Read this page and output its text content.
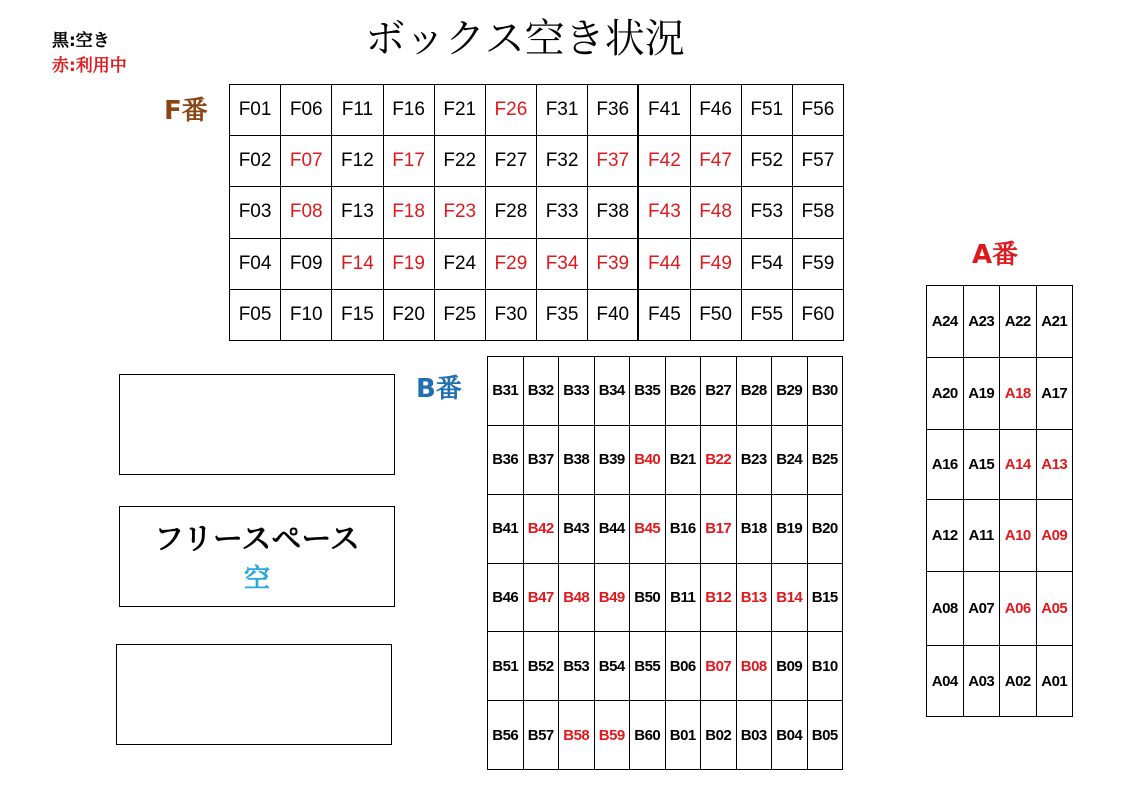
ボックス空き状況
黒:空き
赤:利用中
F番
B番
A番
F01 F06	F11	F16 F21 F26 F31 F36 F41 F46 F51 F56
F02 F07 F12 F17 F22 F27 F32 F37 F42 F47 F52 F57
F03 F08 F13 F18 F23 F28 F33 F38 F43 F48 F53 F58
F04 F09 F14 F19 F24 F29 F34 F39 F44 F49 F54 F59
F05 F10 F15 F20 F25 F30 F35 F40 F45 F50 F55 F60
B31 B32 B33 B34 B35 B26 B27 B28 B29 B30
B36 B37 B38 B39 B40 B21 B22 B23 B24 B25
B41 B42 B43 B44 B45 B16 B17 B18 B19 B20
B46 B47 B48 B49 B50 B11 B12 B13 B14 B15
B51 B52 B53 B54 B55 B06 B07 B08 B09 B10
B56 B57 B58 B59 B60 B01 B02 B03 B04 B05
A24 A23 A22 A21
A20 A19 A18 A17
A16 A15 A14 A13
A12 A11 A10 A09
A08 A07 A06 A05
A04 A03 A02 A01
フリースペース
空
